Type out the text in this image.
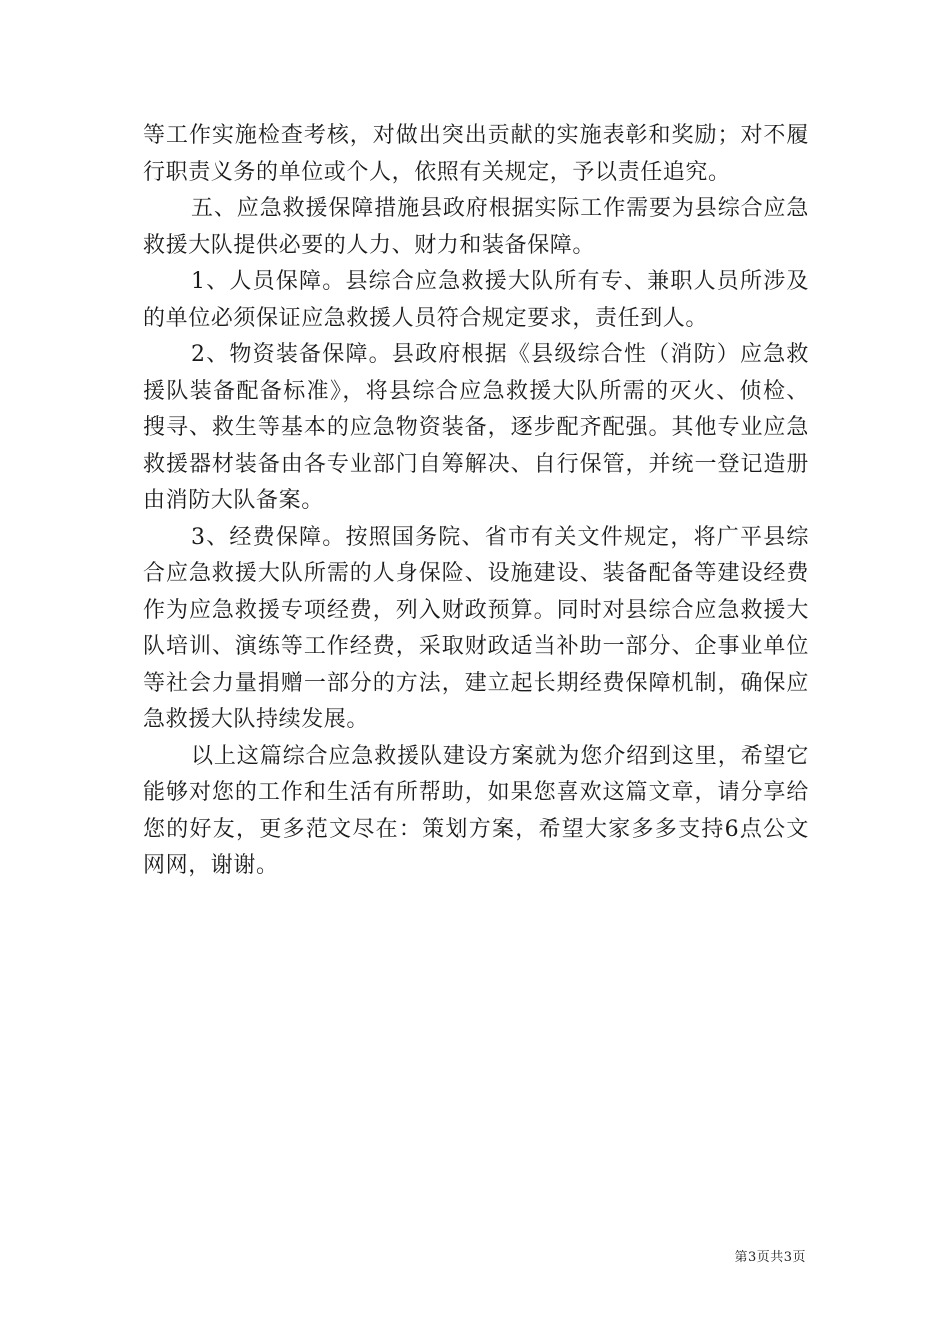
等工作实施检查考核，对做出突出贡献的实施表彰和奖励；对不履行职责义务的单位或个人，依照有关规定，予以责任追究。

五、应急救援保障措施县政府根据实际工作需要为县综合应急救援大队提供必要的人力、财力和装备保障。

1、人员保障。县综合应急救援大队所有专、兼职人员所涉及的单位必须保证应急救援人员符合规定要求，责任到人。

2、物资装备保障。县政府根据《县级综合性（消防）应急救援队装备配备标准》，将县综合应急救援大队所需的灭火、侦检、搜寻、救生等基本的应急物资装备，逐步配齐配强。其他专业应急救援器材装备由各专业部门自筹解决、自行保管，并统一登记造册由消防大队备案。

3、经费保障。按照国务院、省市有关文件规定，将广平县综合应急救援大队所需的人身保险、设施建设、装备配备等建设经费作为应急救援专项经费，列入财政预算。同时对县综合应急救援大队培训、演练等工作经费，采取财政适当补助一部分、企事业单位等社会力量捐赠一部分的方法，建立起长期经费保障机制，确保应急救援大队持续发展。

以上这篇综合应急救援队建设方案就为您介绍到这里，希望它能够对您的工作和生活有所帮助，如果您喜欢这篇文章，请分享给您的好友，更多范文尽在：策划方案，希望大家多多支持6点公文网网，谢谢。

第3页共3页
